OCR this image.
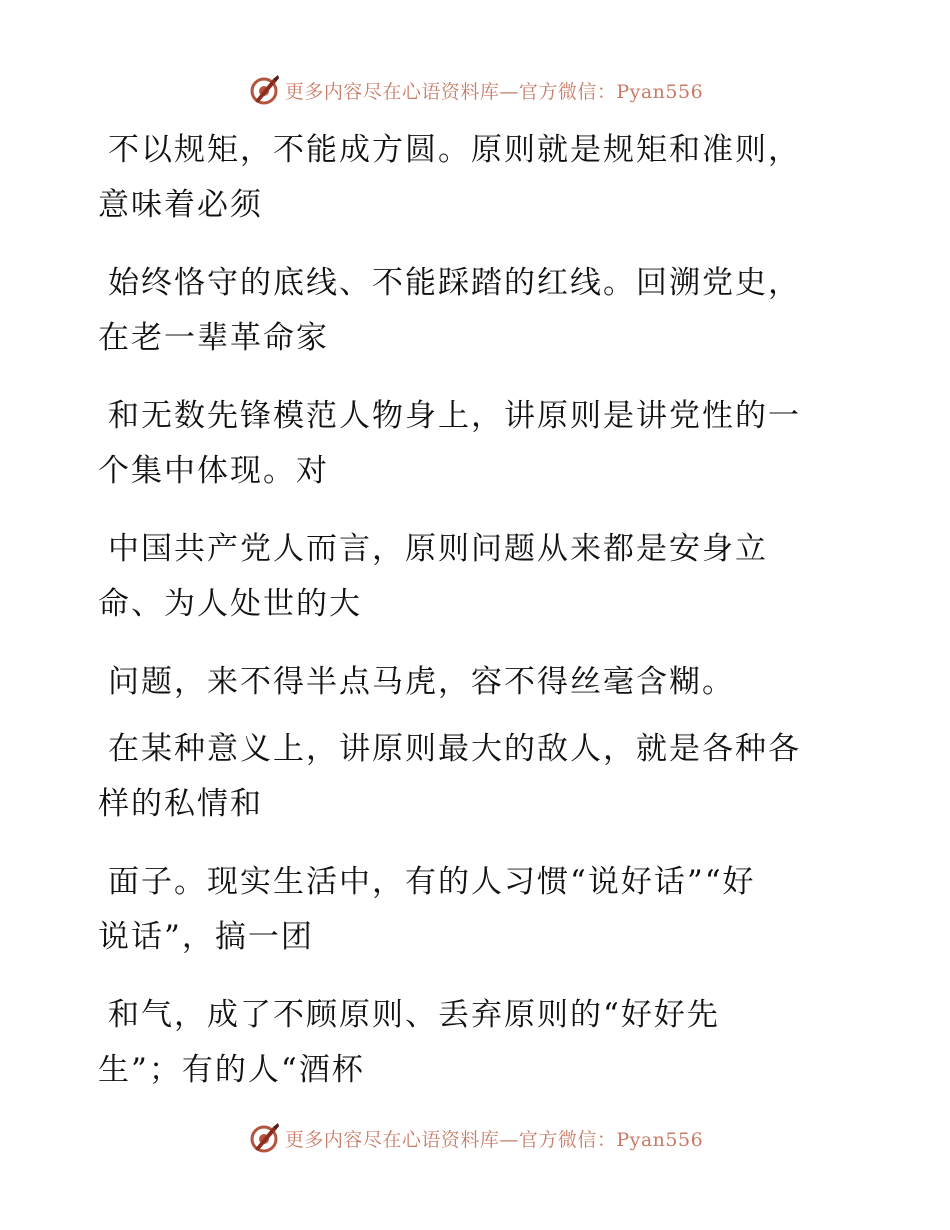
更多内容尽在心语资料库—官方微信：Pyan556
不以规矩，不能成方圆。原则就是规矩和准则，
意味着必须
始终恪守的底线、不能踩踏的红线。回溯党史，
在老一辈革命家
和无数先锋模范人物身上，讲原则是讲党性的一
个集中体现。对
中国共产党人而言，原则问题从来都是安身立
命、为人处世的大
问题，来不得半点马虎，容不得丝毫含糊。
在某种意义上，讲原则最大的敌人，就是各种各
样的私情和
面子。现实生活中，有的人习惯“说好话”“好
说话”，搞一团
和气，成了不顾原则、丢弃原则的“好好先
生”；有的人“酒杯
更多内容尽在心语资料库—官方微信：Pyan556
